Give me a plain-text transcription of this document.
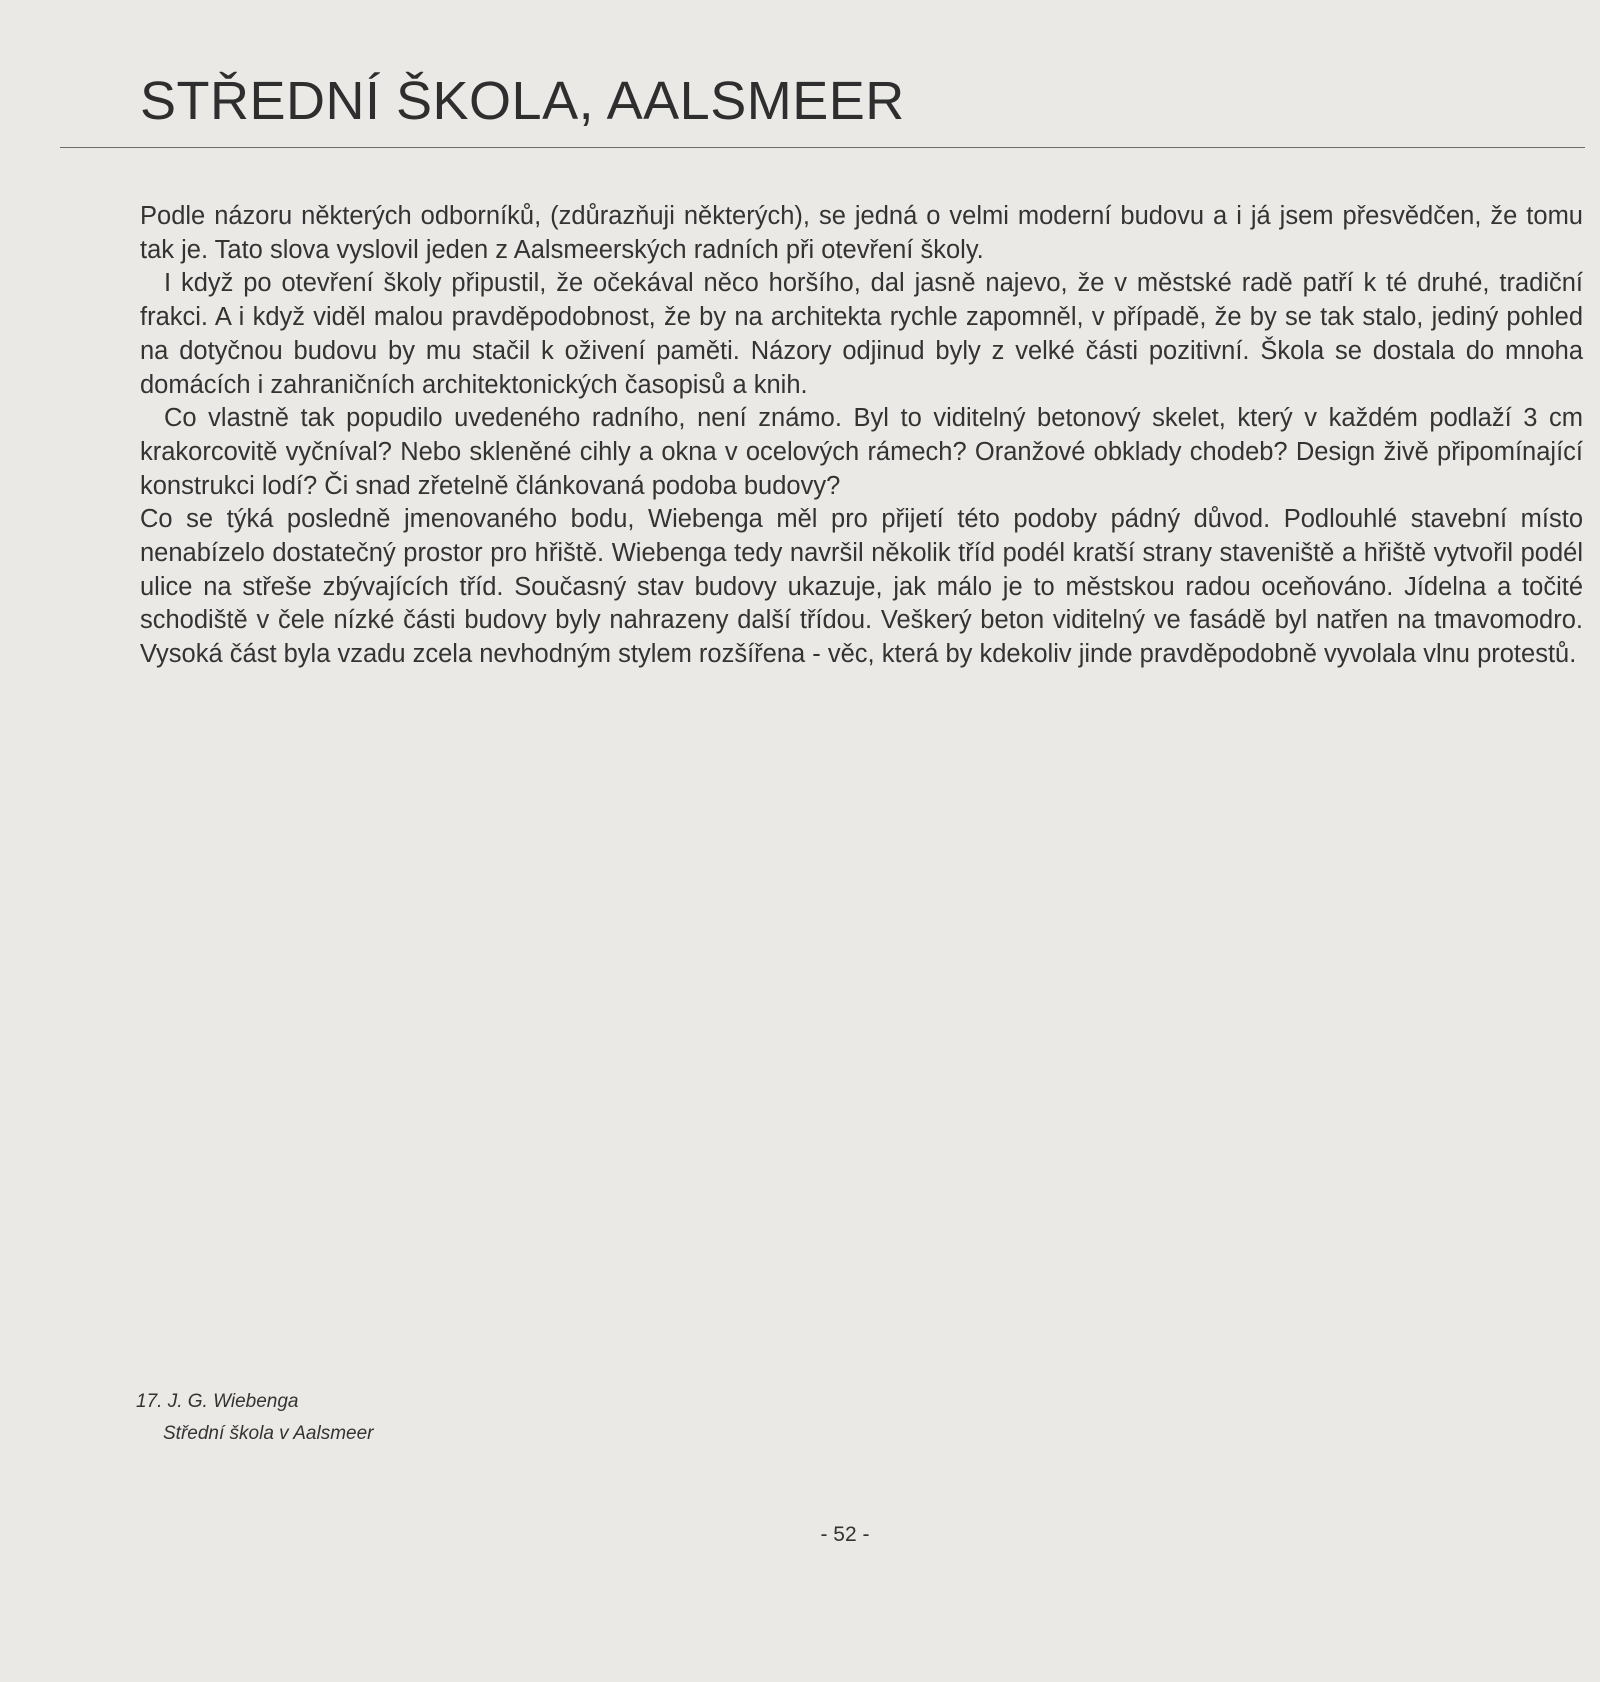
STŘEDNÍ ŠKOLA, AALSMEER

Podle názoru některých odborníků, (zdůrazňuji některých), se jedná o velmi moderní budovu a i já jsem přesvědčen, že tomu tak je. Tato slova vyslovil jeden z Aalsmeerských radních při otevření školy.

I když po otevření školy připustil, že očekával něco horšího, dal jasně najevo, že v městské radě patří k té druhé, tradiční frakci. A i když viděl malou pravděpodobnost, že by na architekta rychle zapomněl, v případě, že by se tak stalo, jediný pohled na dotyčnou budovu by mu stačil k oživení paměti. Názory odjinud byly z velké části pozitivní. Škola se dostala do mnoha domácích i zahraničních architektonických časopisů a knih.

Co vlastně tak popudilo uvedeného radního, není známo. Byl to viditelný betonový skelet, který v každém podlaží 3 cm krakorcovitě vyčníval? Nebo skleněné cihly a okna v ocelových rámech? Oranžové obklady chodeb? Design živě připomínající konstrukci lodí? Či snad zřetelně článkovaná podoba budovy?

Co se týká posledně jmenovaného bodu, Wiebenga měl pro přijetí této podoby pádný důvod. Podlouhlé stavební místo nenabízelo dostatečný prostor pro hřiště. Wiebenga tedy navršil několik tříd podél kratší strany staveniště a hřiště vytvořil podél ulice na střeše zbývajících tříd. Současný stav budovy ukazuje, jak málo je to městskou radou oceňováno. Jídelna a točité schodiště v čele nízké části budovy byly nahrazeny další třídou. Veškerý beton viditelný ve fasádě byl natřen na tmavomodro. Vysoká část byla vzadu zcela nevhodným stylem rozšířena - věc, která by kdekoliv jinde pravděpodobně vyvolala vlnu protestů.

17. J. G. Wiebenga
Střední škola v Aalsmeer
- 52 -
